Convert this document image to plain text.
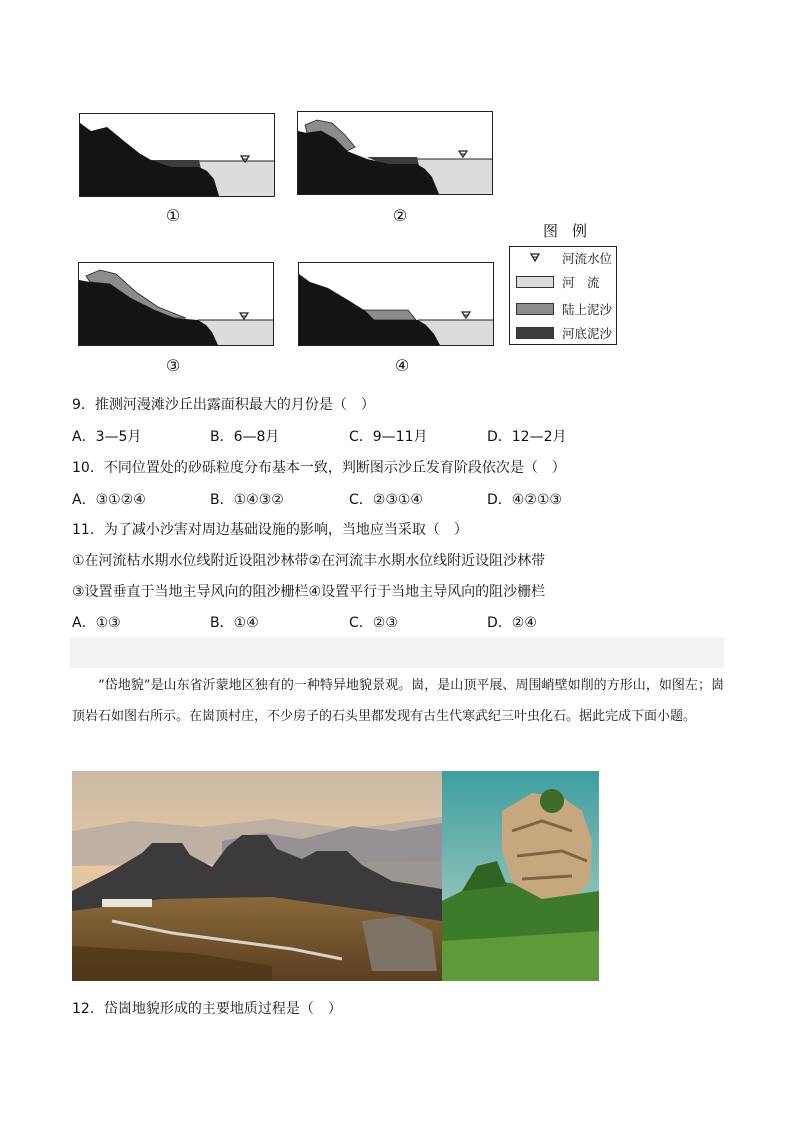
①	②
③	④
图例
河流水位
河　流
陆上泥沙
河底泥沙
9．推测河漫滩沙丘出露面积最大的月份是（　）
A．3—5月	B．6—8月	C．9—11月	D．12—2月
10．不同位置处的砂砾粒度分布基本一致，判断图示沙丘发育阶段依次是（　）
A．③①②④	B．①④③②	C．②③①④	D．④②①③
11．为了减小沙害对周边基础设施的影响，当地应当采取（　）
①在河流枯水期水位线附近设阻沙林带②在河流丰水期水位线附近设阻沙林带
③设置垂直于当地主导风向的阻沙栅栏④设置平行于当地主导风向的阻沙栅栏
A．①③	B．①④	C．②③	D．②④
“岱地貌”是山东省沂蒙地区独有的一种特异地貌景观。崮，是山顶平展、周围峭壁如削的方形山，如图左；崮顶岩石如图右所示。在崮顶村庄，不少房子的石头里都发现有古生代寒武纪三叶虫化石。据此完成下面小题。
12．岱崮地貌形成的主要地质过程是（　）
